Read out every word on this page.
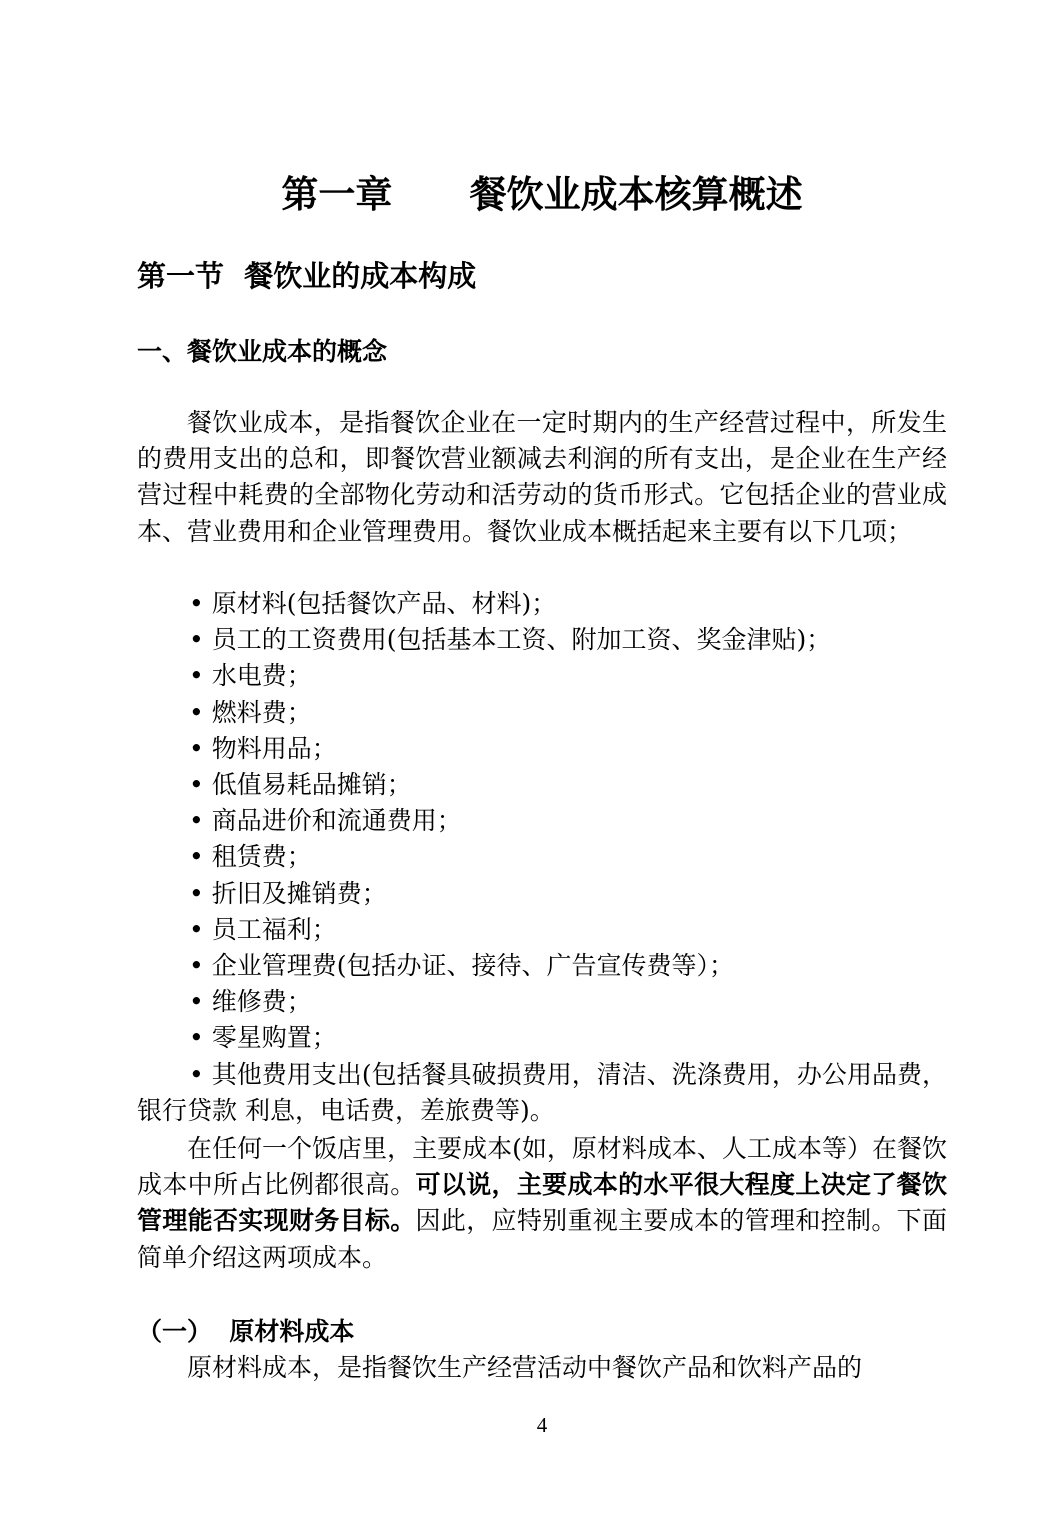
第一章      餐饮业成本核算概述
第一节  餐饮业的成本构成
一、餐饮业成本的概念

餐饮业成本，是指餐饮企业在一定时期内的生产经营过程中，所发生的费用支出的总和，即餐饮营业额减去利润的所有支出，是企业在生产经营过程中耗费的全部物化劳动和活劳动的货币形式。它包括企业的营业成本、营业费用和企业管理费用。餐饮业成本概括起来主要有以下几项；

• 原材料(包括餐饮产品、材料)；
• 员工的工资费用(包括基本工资、附加工资、奖金津贴)；
• 水电费；
• 燃料费；
• 物料用品；
• 低值易耗品摊销；
• 商品进价和流通费用；
• 租赁费；
• 折旧及摊销费；
• 员工福利；
• 企业管理费(包括办证、接待、广告宣传费等）；
• 维修费；
• 零星购置；
• 其他费用支出(包括餐具破损费用，清洁、洗涤费用，办公用品费，银行贷款 利息，电话费，差旅费等)。

在任何一个饭店里，主要成本(如，原材料成本、人工成本等）在餐饮成本中所占比例都很高。可以说，主要成本的水平很大程度上决定了餐饮管理能否实现财务目标。因此，应特别重视主要成本的管理和控制。下面简单介绍这两项成本。

（一）  原材料成本

原材料成本，是指餐饮生产经营活动中餐饮产品和饮料产品的

4
